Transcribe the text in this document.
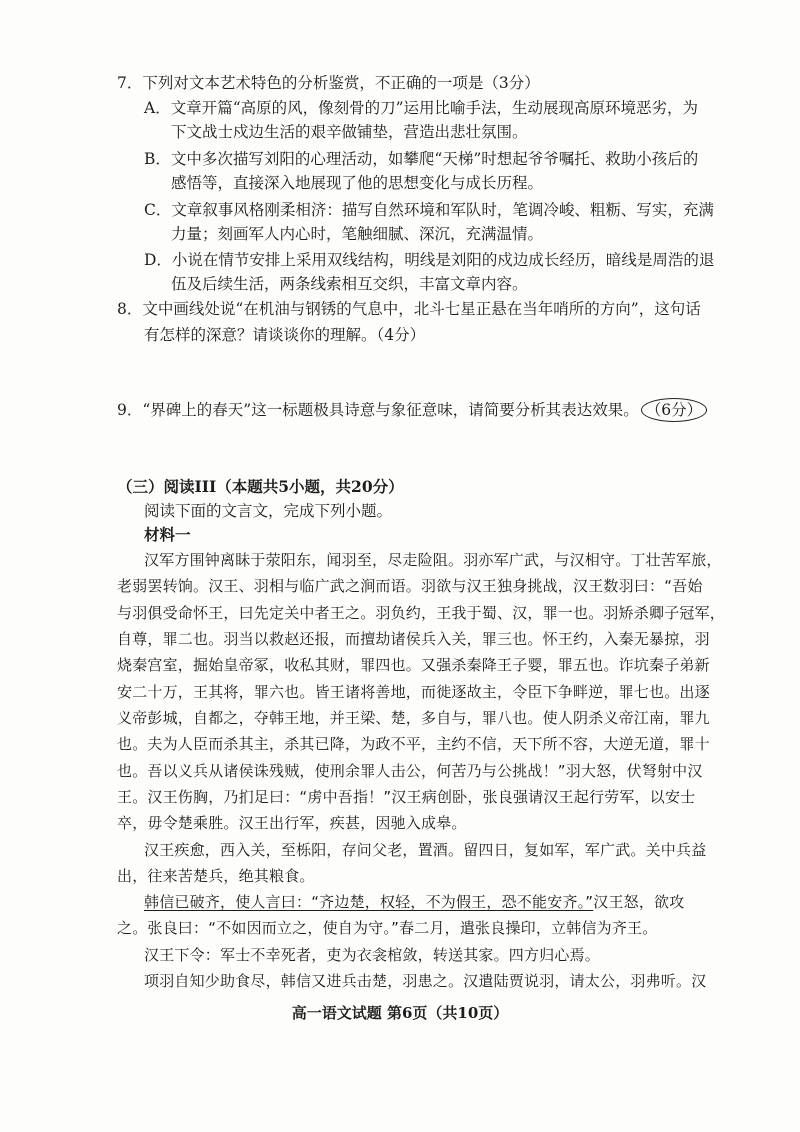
7．下列对文本艺术特色的分析鉴赏，不正确的一项是（3分）
A．文章开篇“高原的风，像刻骨的刀”运用比喻手法，生动展现高原环境恶劣，为
下文战士戍边生活的艰辛做铺垫，营造出悲壮氛围。
B．文中多次描写刘阳的心理活动，如攀爬“天梯”时想起爷爷嘱托、救助小孩后的
感悟等，直接深入地展现了他的思想变化与成长历程。
C．文章叙事风格刚柔相济：描写自然环境和军队时，笔调冷峻、粗粝、写实，充满
力量；刻画军人内心时，笔触细腻、深沉，充满温情。
D．小说在情节安排上采用双线结构，明线是刘阳的戍边成长经历，暗线是周浩的退
伍及后续生活，两条线索相互交织，丰富文章内容。
8．文中画线处说“在机油与钢锈的气息中，北斗七星正悬在当年哨所的方向”，这句话
有怎样的深意？请谈谈你的理解。（4分）
9．“界碑上的春天”这一标题极具诗意与象征意味，请简要分析其表达效果。 （6分）
（三）阅读III（本题共5小题，共20分）
阅读下面的文言文，完成下列小题。
材料一
汉军方围钟离眛于荥阳东，闻羽至，尽走险阻。羽亦军广武，与汉相守。丁壮苦军旅，
老弱罢转饷。汉王、羽相与临广武之涧而语。羽欲与汉王独身挑战，汉王数羽曰：“吾始
与羽俱受命怀王，曰先定关中者王之。羽负约，王我于蜀、汉，罪一也。羽矫杀卿子冠军，
自尊，罪二也。羽当以救赵还报，而擅劫诸侯兵入关，罪三也。怀王约，入秦无暴掠，羽
烧秦宫室，掘始皇帝冢，收私其财，罪四也。又强杀秦降王子婴，罪五也。诈坑秦子弟新
安二十万，王其将，罪六也。皆王诸将善地，而徙逐故主，令臣下争畔逆，罪七也。出逐
义帝彭城，自都之，夺韩王地，并王梁、楚，多自与，罪八也。使人阴杀义帝江南，罪九
也。夫为人臣而杀其主，杀其已降，为政不平，主约不信，天下所不容，大逆无道，罪十
也。吾以义兵从诸侯诛残贼，使刑余罪人击公，何苦乃与公挑战！”羽大怒，伏弩射中汉
王。汉王伤胸，乃扪足曰：“虏中吾指！”汉王病创卧，张良强请汉王起行劳军，以安士
卒，毋令楚乘胜。汉王出行军，疾甚，因驰入成皋。
汉王疾愈，西入关，至栎阳，存问父老，置酒。留四日，复如军，军广武。关中兵益
出，往来苦楚兵，绝其粮食。
韩信已破齐，使人言曰：“齐边楚，权轻，不为假王，恐不能安齐。”汉王怒，欲攻
之。张良曰：“不如因而立之，使自为守。”春二月，遣张良操印，立韩信为齐王。
汉王下令：军士不幸死者，吏为衣衾棺敛，转送其家。四方归心焉。
项羽自知少助食尽，韩信又进兵击楚，羽患之。汉遣陆贾说羽，请太公，羽弗听。汉
高一语文试题 第6页（共10页）
